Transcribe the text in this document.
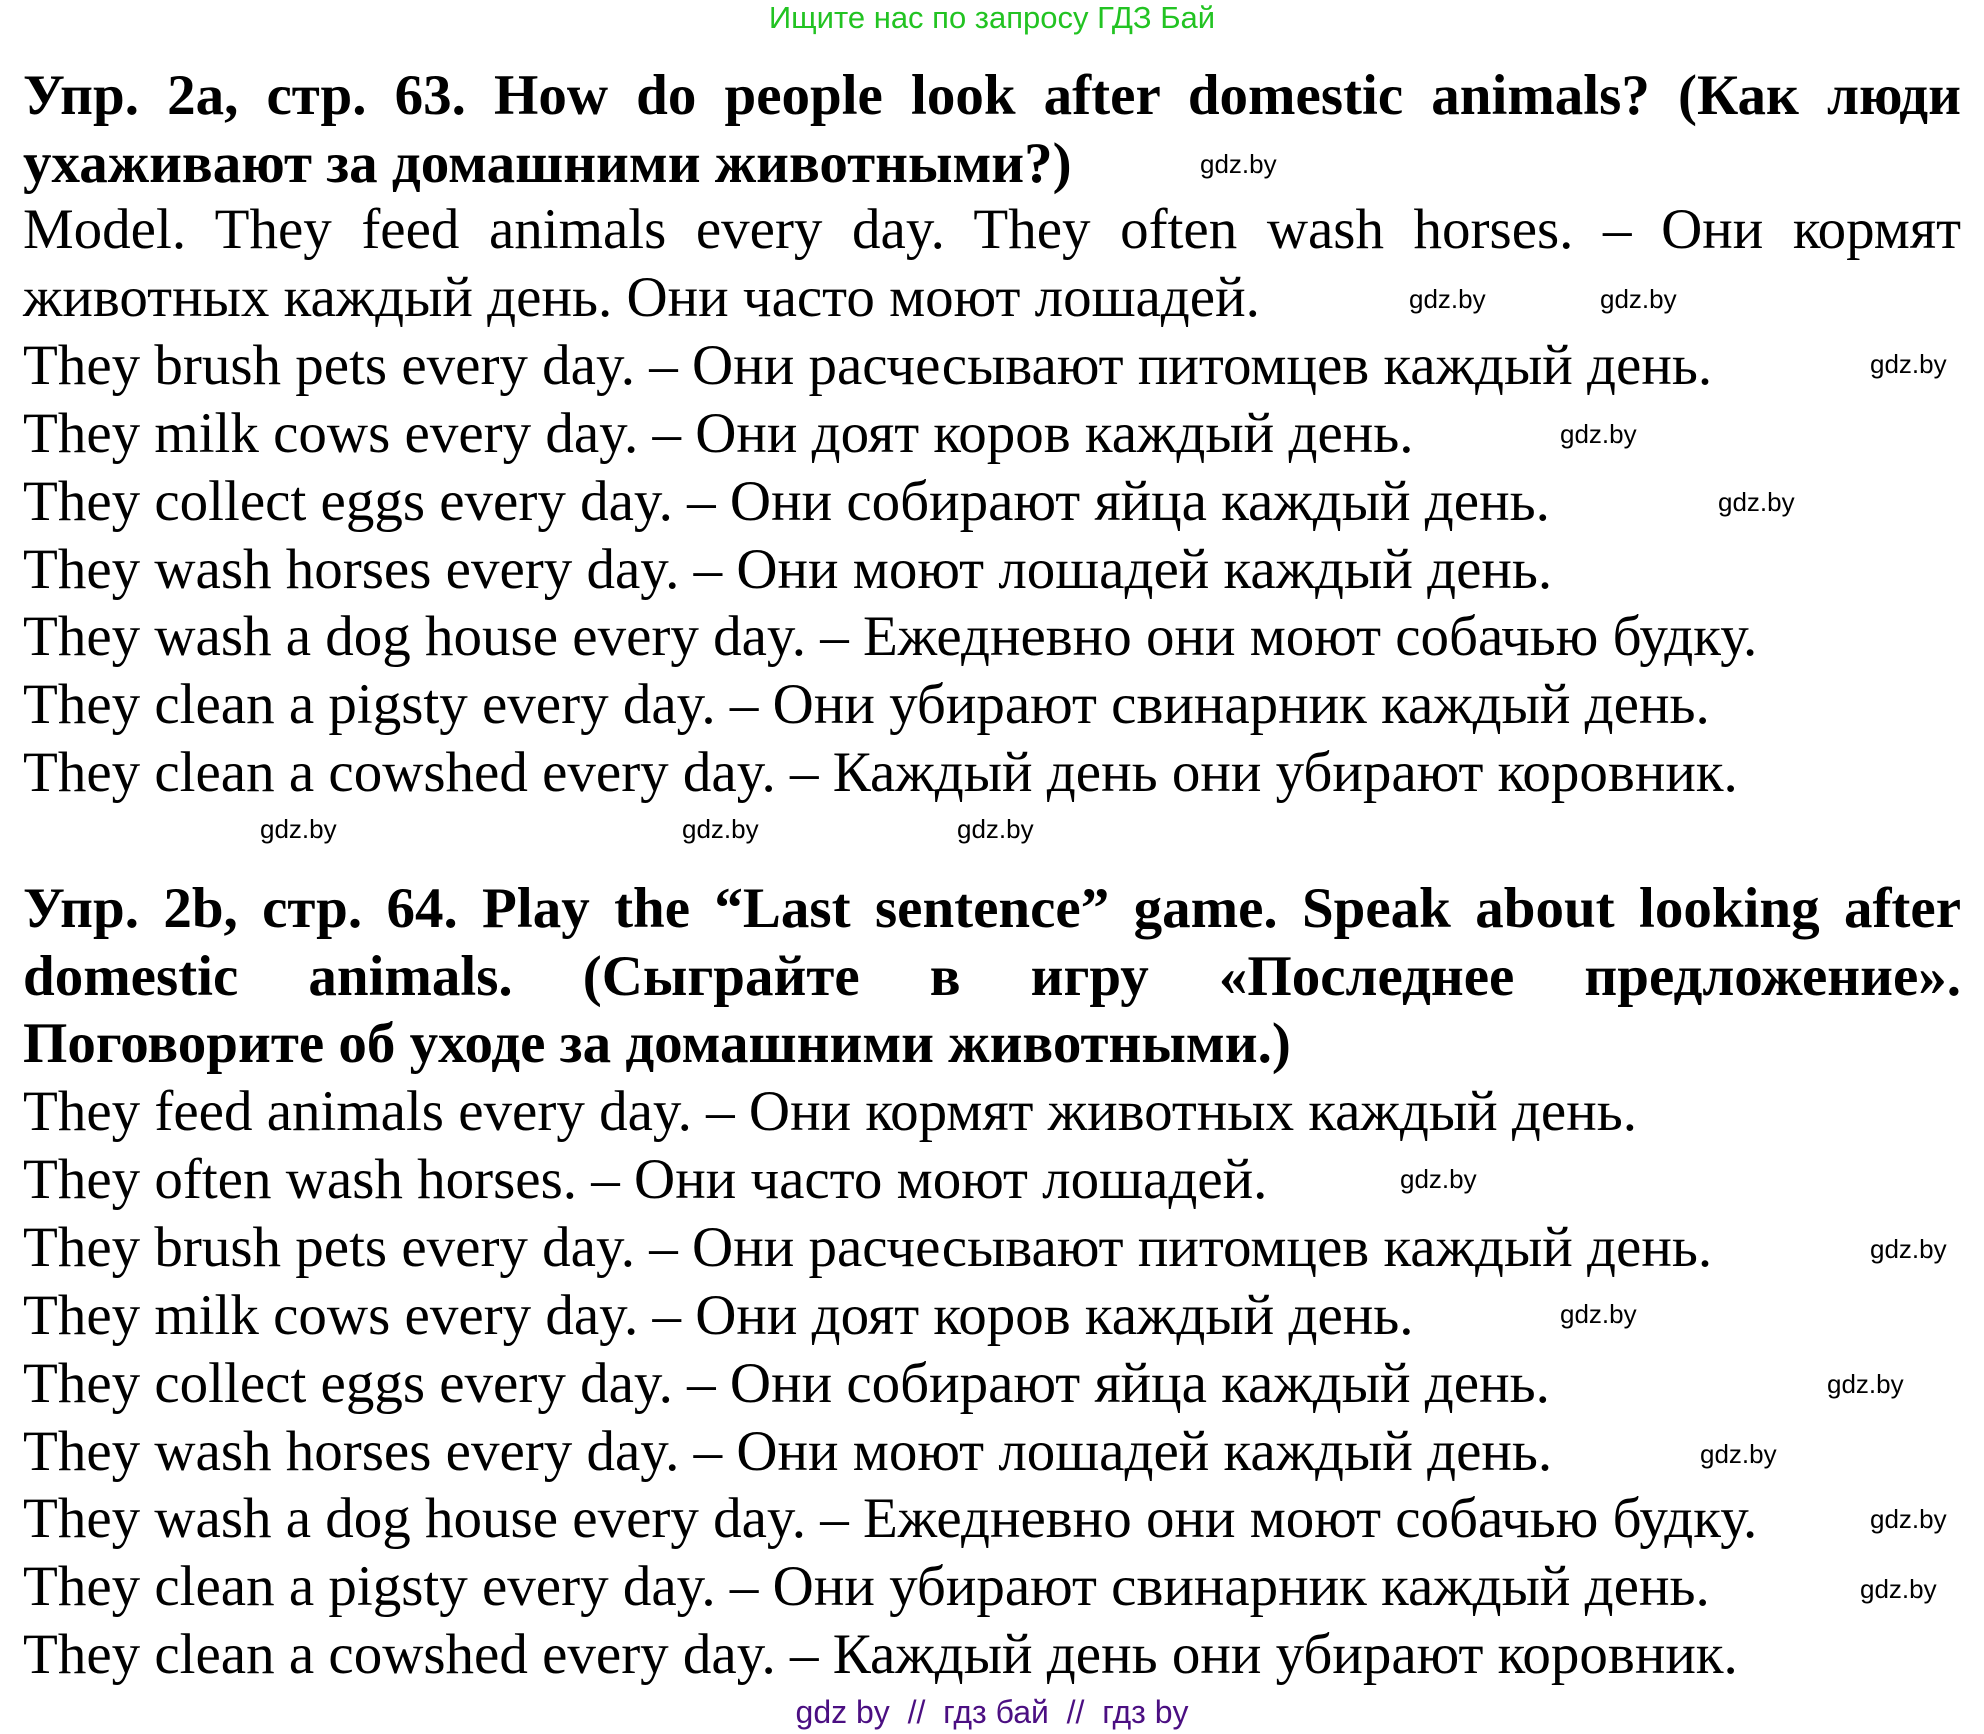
Ищите нас по запросу ГДЗ Бай
Упр. 2a, стр. 63. How do people look after domestic animals? (Как люди
ухаживают за домашними животными?)
Model. They feed animals every day. They often wash horses. – Они кормят
животных каждый день. Они часто моют лошадей.
They brush pets every day. – Они расчесывают питомцев каждый день.
They milk cows every day. – Они доят коров каждый день.
They collect eggs every day. – Они собирают яйца каждый день.
They wash horses every day. – Они моют лошадей каждый день.
They wash a dog house every day. – Ежедневно они моют собачью будку.
They clean a pigsty every day. – Они убирают свинарник каждый день.
They clean a cowshed every day. – Каждый день они убирают коровник.
Упр. 2b, стр. 64. Play the “Last sentence” game. Speak about looking after
domestic animals. (Сыграйте в игру «Последнее предложение».
Поговорите об уходе за домашними животными.)
They feed animals every day. – Они кормят животных каждый день.
They often wash horses. – Они часто моют лошадей.
They brush pets every day. – Они расчесывают питомцев каждый день.
They milk cows every day. – Они доят коров каждый день.
They collect eggs every day. – Они собирают яйца каждый день.
They wash horses every day. – Они моют лошадей каждый день.
They wash a dog house every day. – Ежедневно они моют собачью будку.
They clean a pigsty every day. – Они убирают свинарник каждый день.
They clean a cowshed every day. – Каждый день они убирают коровник.
gdz.by
gdz.by
gdz.by
gdz.by
gdz.by
gdz.by
gdz.by
gdz.by	gdz.by
gdz.by
gdz.by
gdz.by
gdz.by
gdz.by
gdz.by
gdz.by
gdz by  //  гдз бай  //  гдз by
